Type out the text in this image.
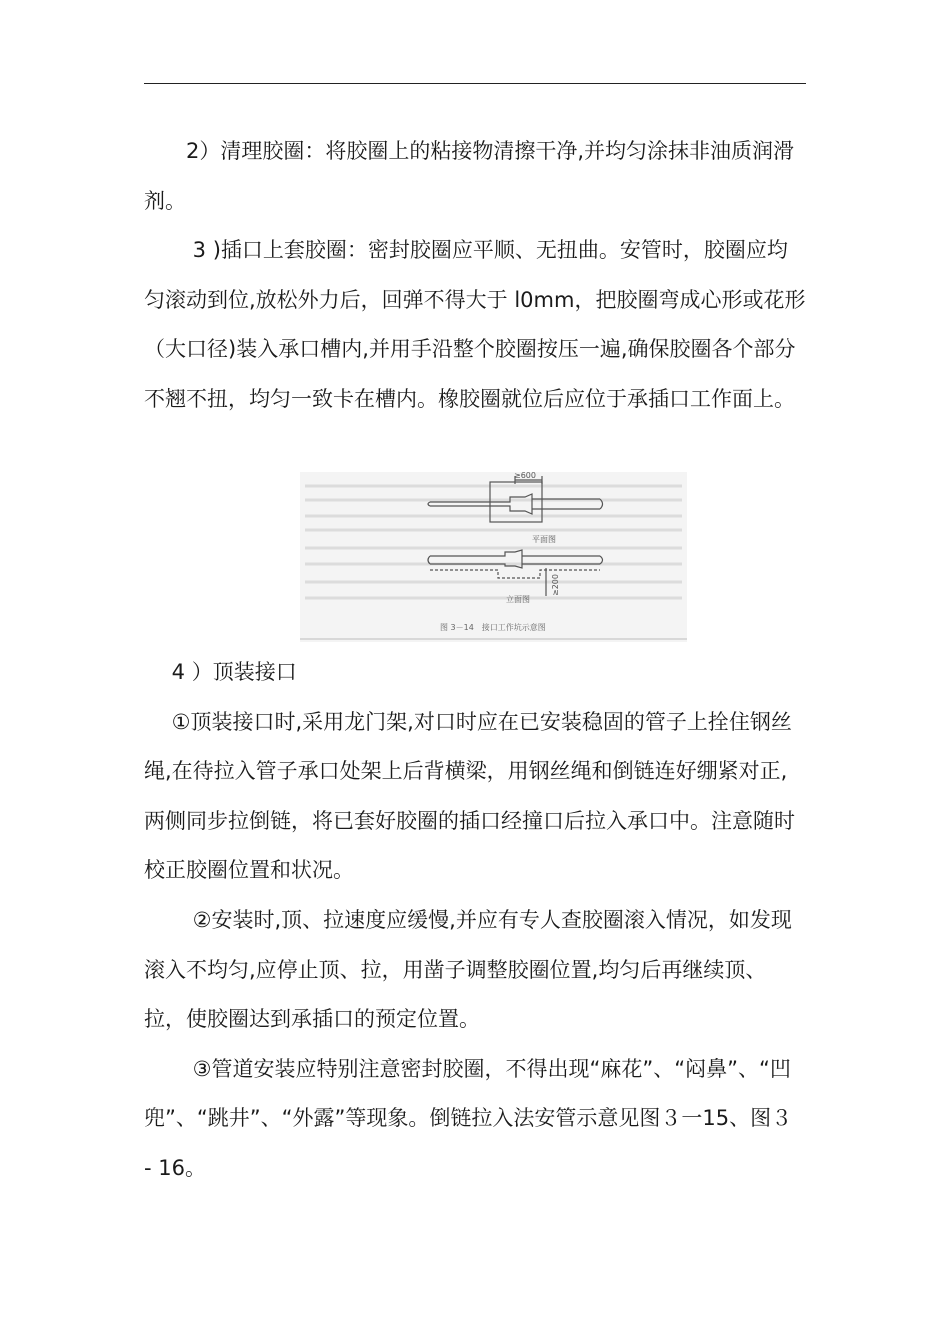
　　2）清理胶圈：将胶圈上的粘接物清擦干净,并均匀涂抹非油质润滑剂。

　　 3 )插口上套胶圈：密封胶圈应平顺、无扭曲。安管时，胶圈应均匀滚动到位,放松外力后，回弹不得大于 l0mm，把胶圈弯成心形或花形（大口径)装入承口槽内,并用手沿整个胶圈按压一遍,确保胶圈各个部分不翘不扭，均匀一致卡在槽内。橡胶圈就位后应位于承插口工作面上。

≥600
平面图
立面图
≥200
图 3－14　接口工作坑示意图

　 4 ）顶装接口

　 ①顶装接口时,采用龙门架,对口时应在已安装稳固的管子上拴住钢丝绳,在待拉入管子承口处架上后背横梁，用钢丝绳和倒链连好绷紧对正,两侧同步拉倒链，将已套好胶圈的插口经撞口后拉入承口中。注意随时校正胶圈位置和状况。

　　 ②安装时,顶、拉速度应缓慢,并应有专人查胶圈滚入情况，如发现滚入不均匀,应停止顶、拉，用凿子调整胶圈位置,均匀后再继续顶、拉，使胶圈达到承插口的预定位置。

　　 ③管道安装应特别注意密封胶圈，不得出现“麻花”、“闷鼻”、“凹兜”、“跳井”、“外露”等现象。倒链拉入法安管示意见图３一15、图３ - 16。
